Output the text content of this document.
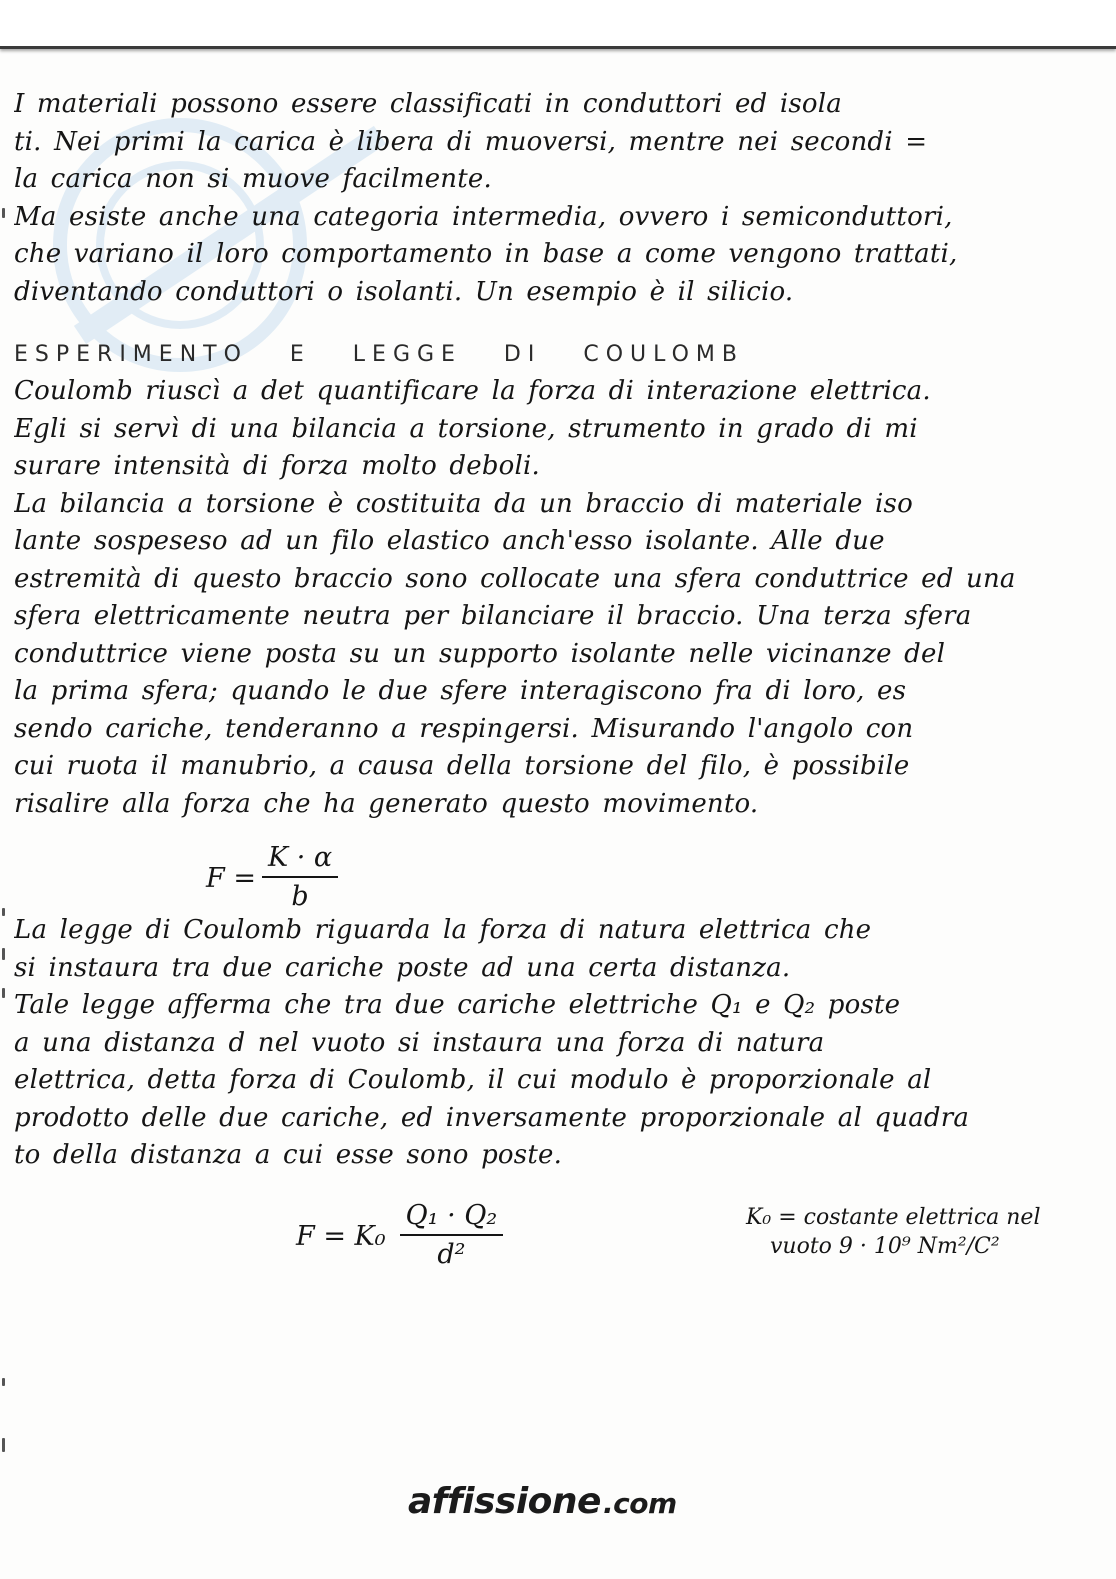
I materiali possono essere classificati in conduttori ed isola
ti. Nei primi la carica è libera di muoversi, mentre nei secondi =
la carica non si muove facilmente.
Ma esiste anche una categoria intermedia, ovvero i semiconduttori,
che variano il loro comportamento in base a come vengono trattati,
diventando conduttori o isolanti. Un esempio è il silicio.
ESPERIMENTO E LEGGE DI COULOMB
Coulomb riuscì a det quantificare la forza di interazione elettrica.
Egli si servì di una bilancia a torsione, strumento in grado di mi
surare intensità di forza molto deboli.
La bilancia a torsione è costituita da un braccio di materiale iso
lante sospeseso ad un filo elastico anch'esso isolante. Alle due
estremità di questo braccio sono collocate una sfera conduttrice ed una
sfera elettricamente neutra per bilanciare il braccio. Una terza sfera
conduttrice viene posta su un supporto isolante nelle vicinanze del
la prima sfera; quando le due sfere interagiscono fra di loro, es
sendo cariche, tenderanno a respingersi. Misurando l'angolo con
cui ruota il manubrio, a causa della torsione del filo, è possibile
risalire alla forza che ha generato questo movimento.
$F = \frac{K \cdot \alpha}{b}$
La legge di Coulomb riguarda la forza di natura elettrica che
si instaura tra due cariche poste ad una certa distanza.
Tale legge afferma che tra due cariche elettriche Q₁ e Q₂ poste
a una distanza d nel vuoto si instaura una forza di natura
elettrica, detta forza di Coulomb, il cui modulo è proporzionale al
prodotto delle due cariche, ed inversamente proporzionale al quadra
to della distanza a cui esse sono poste.
$F = K_0 \frac{\text{Q₁ · Q₂}}{\text{d²}}$	K₀ = costante elettrica nel
vuoto 9 · 10⁹ Nm²/C²
affissione .com
